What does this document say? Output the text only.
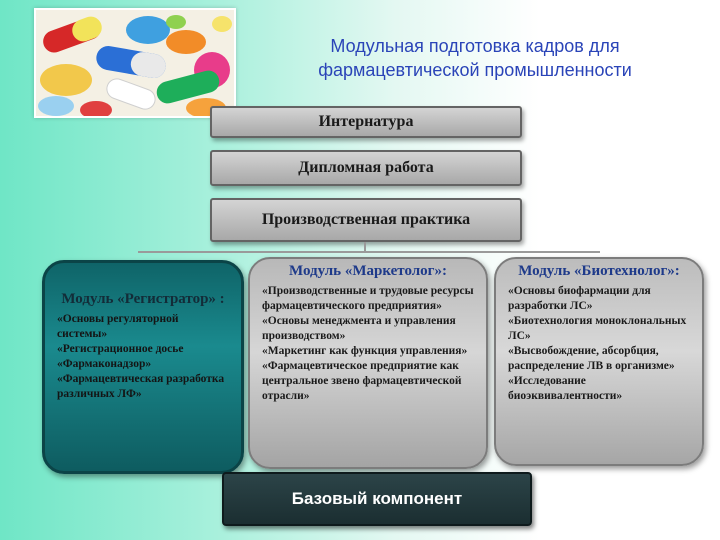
Модульная подготовка кадров для
фармацевтической промышленности
Интернатура
Дипломная работа
Производственная практика
Модуль «Регистратор» :
«Основы регуляторной системы»
«Регистрационное досье
«Фармаконадзор»
«Фармацевтическая разработка различных ЛФ»
Модуль «Маркетолог»:
«Производственные и трудовые ресурсы фармацевтического предприятия»
«Основы менеджмента и управления производством»
«Маркетинг как функция управления»
«Фармацевтическое предприятие как центральное звено фармацевтической отрасли»
Модуль «Биотехнолог»:
«Основы биофармации для разработки ЛС»
«Биотехнология моноклональных ЛС»
«Высвобождение, абсорбция, распределение ЛВ в организме»
«Исследование биоэквивалентности»
Базовый компонент
